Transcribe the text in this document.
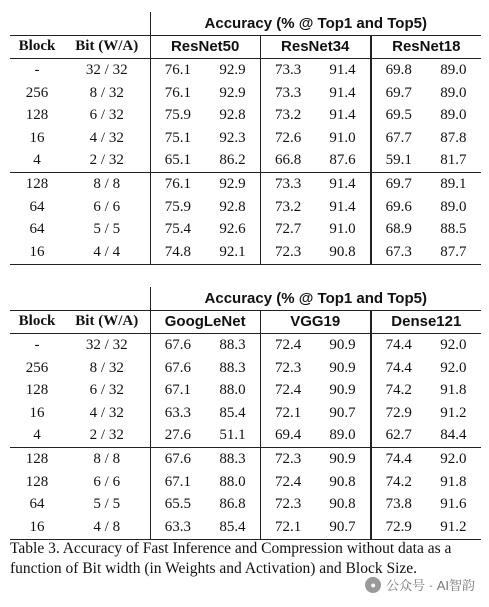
		Accuracy (% @ Top1 and Top5)					
Block	Bit (W/A)	ResNet50		ResNet34		ResNet18	
-	32 / 32	76.1	92.9	73.3	91.4	69.8	89.0
256	8 / 32	76.1	92.9	73.3	91.4	69.7	89.0
128	6 / 32	75.9	92.8	73.2	91.4	69.5	89.0
16	4 / 32	75.1	92.3	72.6	91.0	67.7	87.8
4	2 / 32	65.1	86.2	66.8	87.6	59.1	81.7
128	8 / 8	76.1	92.9	73.3	91.4	69.7	89.1
64	6 / 6	75.9	92.8	73.2	91.4	69.6	89.0
64	5 / 5	75.4	92.6	72.7	91.0	68.9	88.5
16	4 / 4	74.8	92.1	72.3	90.8	67.3	87.7
		Accuracy (% @ Top1 and Top5)					
Block	Bit (W/A)	GoogLeNet		VGG19		Dense121	
-	32 / 32	67.6	88.3	72.4	90.9	74.4	92.0
256	8 / 32	67.6	88.3	72.3	90.9	74.4	92.0
128	6 / 32	67.1	88.0	72.4	90.9	74.2	91.8
16	4 / 32	63.3	85.4	72.1	90.7	72.9	91.2
4	2 / 32	27.6	51.1	69.4	89.0	62.7	84.4
128	8 / 8	67.6	88.3	72.3	90.9	74.4	92.0
128	6 / 6	67.1	88.0	72.4	90.8	74.2	91.8
64	5 / 5	65.5	86.8	72.3	90.8	73.8	91.6
16	4 / 8	63.3	85.4	72.1	90.7	72.9	91.2
Table 3. Accuracy of Fast Inference and Compression without data as a function of Bit width (in Weights and Activation) and Block Size.
● 公众号 · AI智韵
